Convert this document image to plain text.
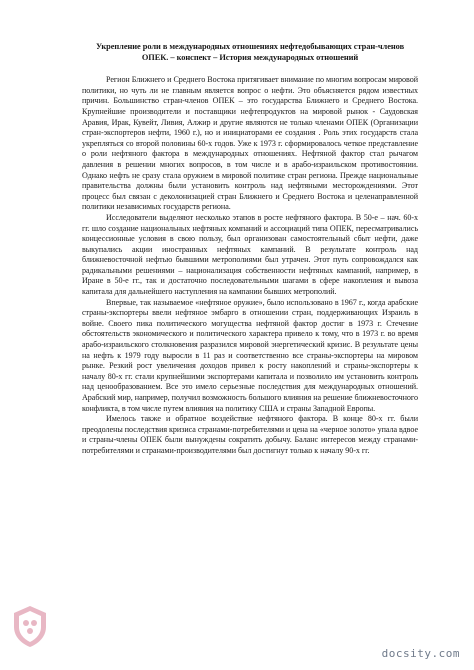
Укрепление роли в международных отношениях нефтедобывающих стран-членов ОПЕК. – конспект – История международных отношений

Регион Ближнего и Среднего Востока притягивает внимание по многим вопросам мировой политики, но чуть ли не главным является вопрос о нефти. Это объясняется рядом известных причин. Большинство стран-членов ОПЕК – это государства Ближнего и Среднего Востока. Крупнейшие производители и поставщики нефтепродуктов на мировой рынок - Саудовская Аравия, Ирак, Кувейт, Ливия, Алжир и другие являются не только членами ОПЕК (Организации стран-экспортеров нефти, 1960 г.), но и инициаторами ее создания . Роль этих государств стала укрепляться со второй половины 60-х годов. Уже к 1973 г. сформировалось четкое представление о роли нефтяного фактора в международных отношениях. Нефтяной фактор стал рычагом давления в решении многих вопросов, в том числе и в арабо-израильском противостоянии. Однако нефть не сразу стала оружием в мировой политике стран региона. Прежде национальные правительства должны были установить контроль над нефтяными месторождениями. Этот процесс был связан с деколонизацией стран Ближнего и Среднего Востока и целенаправленной политики независимых государств региона.

Исследователи выделяют несколько этапов в росте нефтяного фактора. В 50-е – нач. 60-х гг. шло создание национальных нефтяных компаний и ассоциаций типа ОПЕК, пересматривались концессионные условия в свою пользу, был организован самостоятельный сбыт нефти, даже выкупались акции иностранных нефтяных кампаний. В результате контроль над ближневосточной нефтью бывшими метрополиями был утрачен. Этот путь сопровождался как радикальными решениями – национализация собственности нефтяных кампаний, например, в Иране в 50-е гг., так и достаточно последовательными шагами в сфере накопления и вывоза капитала для дальнейшего наступления на кампании бывших метрополий.

Впервые, так называемое «нефтяное оружие», было использовано в 1967 г., когда арабские страны-экспортеры ввели нефтяное эмбарго в отношении стран, поддерживающих Израиль в войне. Своего пика политического могущества нефтяной фактор достиг в 1973 г. Стечение обстоятельств экономического и политического характера привело к тому, что в 1973 г. во время арабо-израильского столкновения разразился мировой энергетический кризис. В результате цены на нефть к 1979 году выросли в 11 раз и соответственно все страны-экспортеры на мировом рынке. Резкий рост увеличения доходов привел к росту накоплений и страны-экспортеры к началу 80-х гг. стали крупнейшими экспортерами капитала и позволило им установить контроль над ценообразованием. Все это имело серьезные последствия для международных отношений. Арабский мир, например, получил возможность большого влияния на решение ближневосточного конфликта, в том числе путем влияния на политику США и страны Западной Европы.

Имелось также и обратное воздействие нефтяного фактора. В конце 80-х гг. были преодолены последствия кризиса странами-потребителями и цена на «черное золото» упала вдвое и страны-члены ОПЕК были вынуждены сократить добычу. Баланс интересов между странами-потребителями и странами-производителями был достигнут только к началу 90-х гг.

docsity.com
